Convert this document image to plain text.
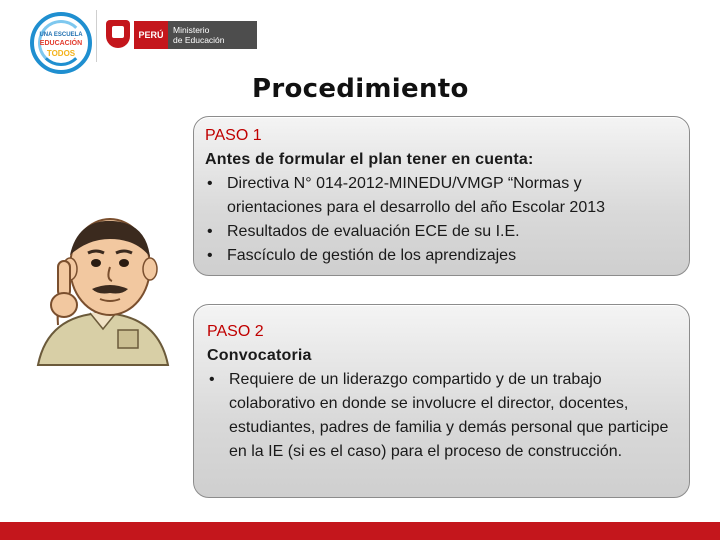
UNA ESCUELA
EDUCACIÓN
TODOS
PERÚ	Ministerio
de Educación
Procedimiento
PASO 1
Antes de formular el plan tener en cuenta:
• Directiva N° 014-2012-MINEDU/VMGP “Normas y orientaciones para el desarrollo del año Escolar 2013
• Resultados de evaluación ECE de su I.E.
• Fascículo de gestión de los aprendizajes
PASO 2
Convocatoria
• Requiere de un liderazgo compartido y de un trabajo colaborativo en donde se involucre el director, docentes, estudiantes, padres de familia y demás personal que participe en la IE (si es el caso) para el proceso de construcción.
